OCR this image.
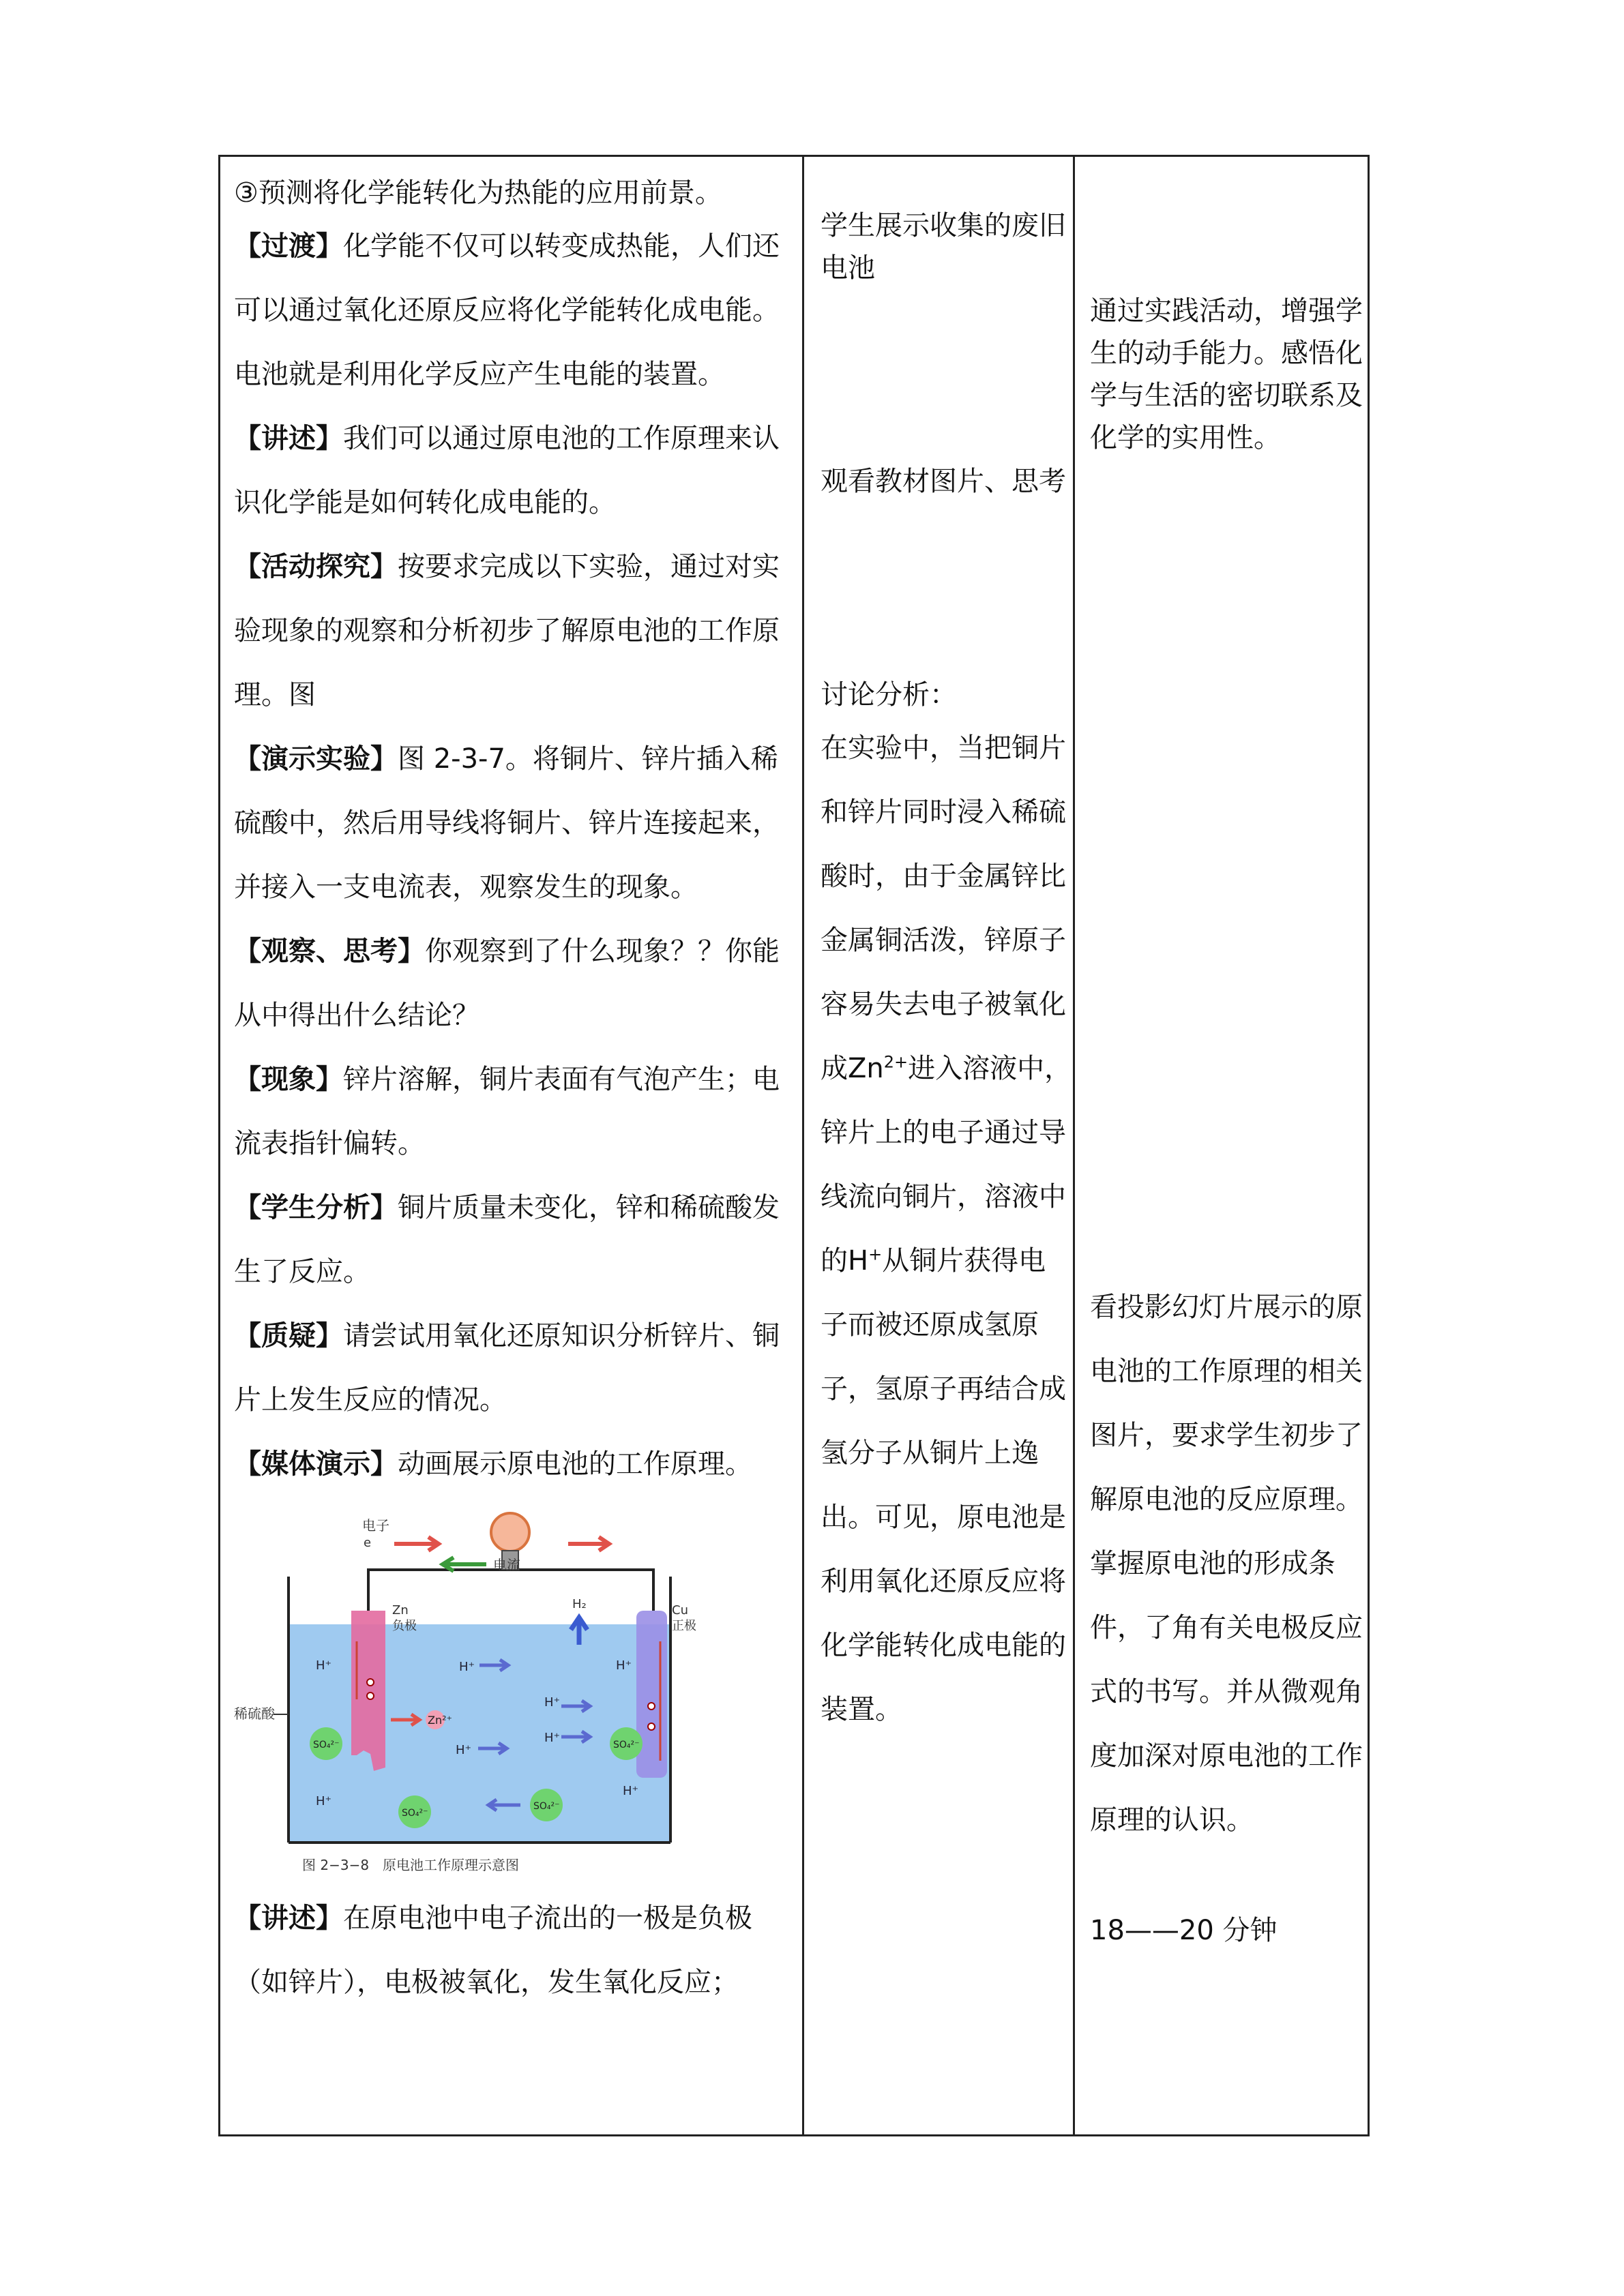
③预测将化学能转化为热能的应用前景。

【过渡】化学能不仅可以转变成热能，人们还可以通过氧化还原反应将化学能转化成电能。电池就是利用化学反应产生电能的装置。

【讲述】我们可以通过原电池的工作原理来认识化学能是如何转化成电能的。

【活动探究】按要求完成以下实验，通过对实验现象的观察和分析初步了解原电池的工作原理。图

【演示实验】图 2-3-7。将铜片、锌片插入稀硫酸中，然后用导线将铜片、锌片连接起来，并接入一支电流表，观察发生的现象。

【观察、思考】你观察到了什么现象？？你能从中得出什么结论？

【现象】锌片溶解，铜片表面有气泡产生；电流表指针偏转。

【学生分析】铜片质量未变化，锌和稀硫酸发生了反应。

【质疑】请尝试用氧化还原知识分析锌片、铜片上发生反应的情况。

【媒体演示】动画展示原电池的工作原理。

电子
e
电流
Zn
负极
Cu
正极
H₂
稀硫酸	Zn²⁺
H⁺	H⁺
H⁺
H⁺
H⁺
H⁺
H⁺
H⁺
SO₄²⁻
SO₄²⁻
SO₄²⁻
SO₄²⁻
图 2−3−8　原电池工作原理示意图

【讲述】在原电池中电子流出的一极是负极（如锌片），电极被氧化，发生氧化反应；

学生展示收集的废旧电池

观看教材图片、思考

讨论分析：

在实验中，当把铜片和锌片同时浸入稀硫酸时，由于金属锌比金属铜活泼，锌原子容易失去电子被氧化成$Zn^{2+}$进入溶液中，锌片上的电子通过导线流向铜片，溶液中的H+从铜片获得电子而被还原成氢原子，氢原子再结合成氢分子从铜片上逸出。可见，原电池是利用氧化还原反应将化学能转化成电能的装置。

通过实践活动，增强学生的动手能力。感悟化学与生活的密切联系及化学的实用性。

看投影幻灯片展示的原电池的工作原理的相关图片，要求学生初步了解原电池的反应原理。掌握原电池的形成条件，了角有关电极反应式的书写。并从微观角度加深对原电池的工作原理的认识。

18——20 分钟
